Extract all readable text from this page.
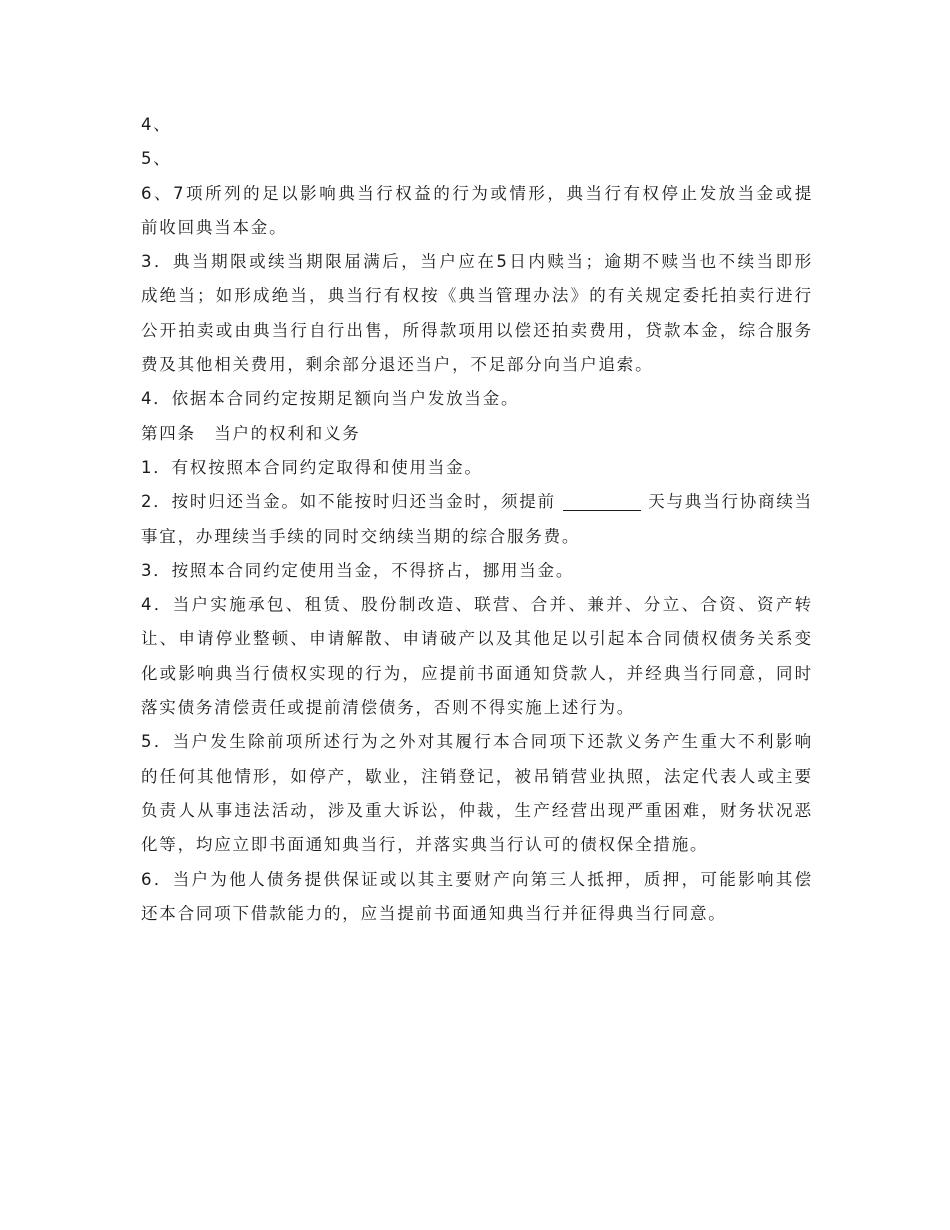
4、
5、
6、7项所列的足以影响典当行权益的行为或情形，典当行有权停止发放当金或提
前收回典当本金。
3．典当期限或续当期限届满后，当户应在5日内赎当；逾期不赎当也不续当即形
成绝当；如形成绝当，典当行有权按《典当管理办法》的有关规定委托拍卖行进行
公开拍卖或由典当行自行出售，所得款项用以偿还拍卖费用，贷款本金，综合服务
费及其他相关费用，剩余部分退还当户，不足部分向当户追索。
4．依据本合同约定按期足额向当户发放当金。
第四条　当户的权利和义务
1．有权按照本合同约定取得和使用当金。
2．按时归还当金。如不能按时归还当金时，须提前	天与典当行协商续当
事宜，办理续当手续的同时交纳续当期的综合服务费。
3．按照本合同约定使用当金，不得挤占，挪用当金。
4．当户实施承包、租赁、股份制改造、联营、合并、兼并、分立、合资、资产转
让、申请停业整顿、申请解散、申请破产以及其他足以引起本合同债权债务关系变
化或影响典当行债权实现的行为，应提前书面通知贷款人，并经典当行同意，同时
落实债务清偿责任或提前清偿债务，否则不得实施上述行为。
5．当户发生除前项所述行为之外对其履行本合同项下还款义务产生重大不利影响
的任何其他情形，如停产，歇业，注销登记，被吊销营业执照，法定代表人或主要
负责人从事违法活动，涉及重大诉讼，仲裁，生产经营出现严重困难，财务状况恶
化等，均应立即书面通知典当行，并落实典当行认可的债权保全措施。
6．当户为他人债务提供保证或以其主要财产向第三人抵押，质押，可能影响其偿
还本合同项下借款能力的，应当提前书面通知典当行并征得典当行同意。
